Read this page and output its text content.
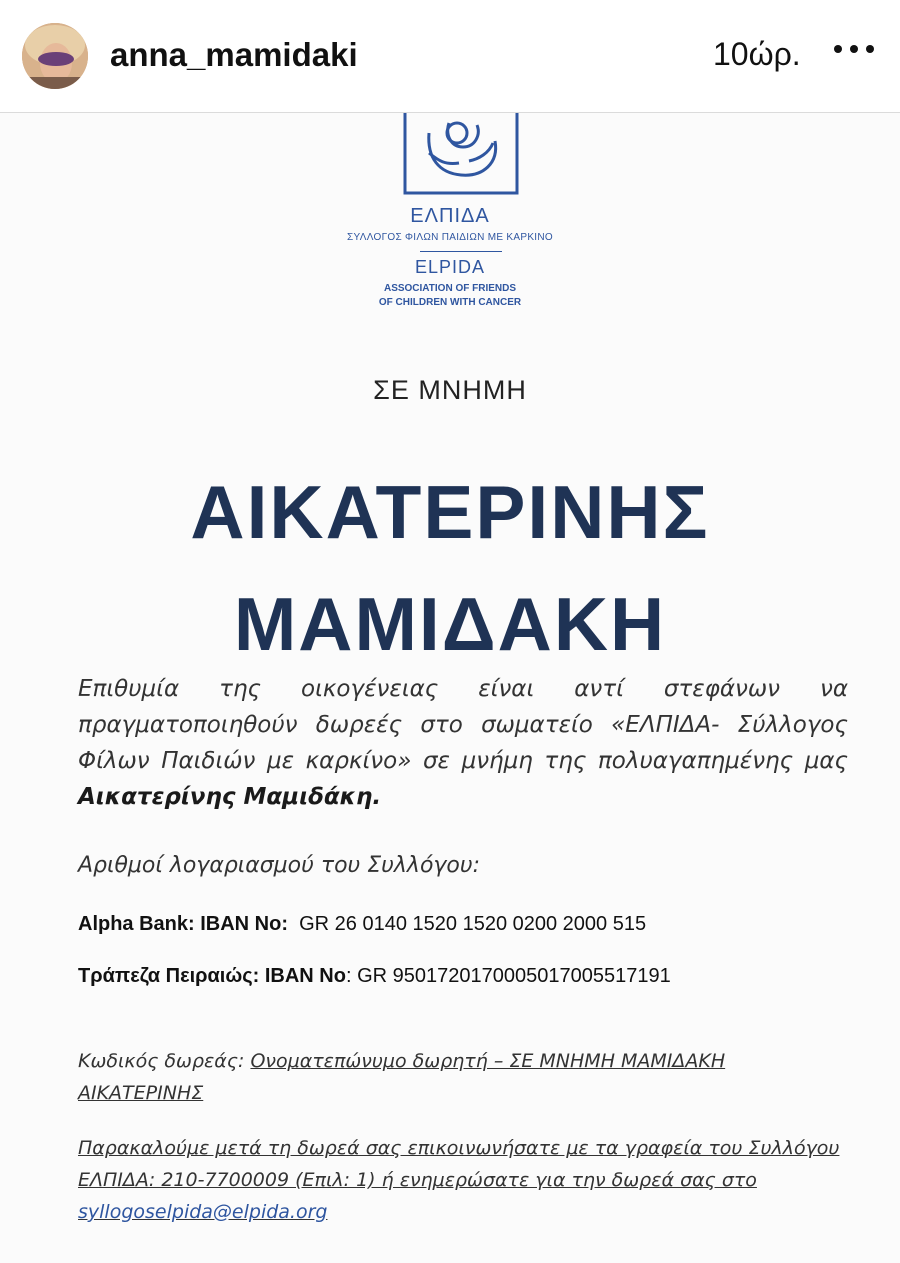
anna_mamidaki	10ώρ.
ΕΛΠΙΔΑ
ΣΥΛΛΟΓΟΣ ΦΙΛΩΝ ΠΑΙΔΙΩΝ ΜΕ ΚΑΡΚΙΝΟ
ELPIDA
ASSOCIATION OF FRIENDS
OF CHILDREN WITH CANCER
ΣΕ ΜΝΗΜΗ
ΑΙΚΑΤΕΡΙΝΗΣ
ΜΑΜΙΔΑΚΗ
Επιθυμία της οικογένειας είναι αντί στεφάνων να πραγματοποιηθούν δωρεές στο σωματείο «ΕΛΠΙΔΑ- Σύλλογος Φίλων Παιδιών με καρκίνο» σε μνήμη της πολυαγαπημένης μας Αικατερίνης Μαμιδάκη.
Αριθμοί λογαριασμού του Συλλόγου:
Alpha Bank: IBAN No: GR 26 0140 1520 1520 0200 2000 515
Τράπεζα Πειραιώς: IBAN No: GR 9501720170005017005517191
Κωδικός δωρεάς: Ονοματεπώνυμο δωρητή – ΣΕ ΜΝΗΜΗ ΜΑΜΙΔΑΚΗ ΑΙΚΑΤΕΡΙΝΗΣ
Παρακαλούμε μετά τη δωρεά σας επικοινωνήσατε με τα γραφεία του Συλλόγου ΕΛΠΙΔΑ: 210-7700009 (Επιλ: 1) ή ενημερώσατε για την δωρεά σας στο syllogoselpida@elpida.org
